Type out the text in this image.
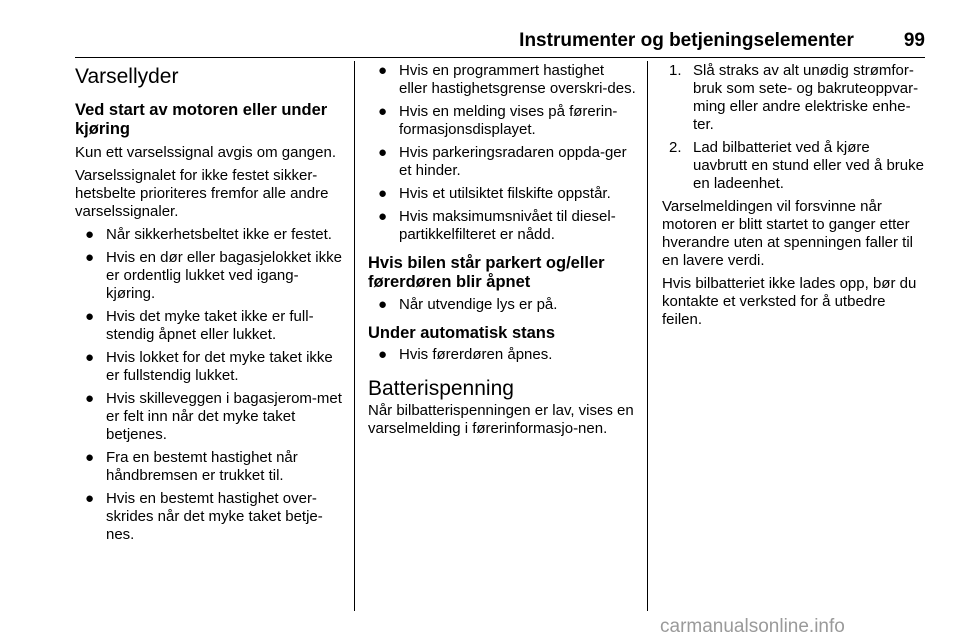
Instrumenter og betjeningselementer	99
Varsellyder
Ved start av motoren eller under kjøring

Kun ett varselssignal avgis om gangen.

Varselssignalet for ikke festet sikker-hetsbelte prioriteres fremfor alle andre varselssignaler.

● Når sikkerhetsbeltet ikke er festet.
● Hvis en dør eller bagasjelokket ikke er ordentlig lukket ved igang-kjøring.
● Hvis det myke taket ikke er full-stendig åpnet eller lukket.
● Hvis lokket for det myke taket ikke er fullstendig lukket.
● Hvis skilleveggen i bagasjerom-met er felt inn når det myke taket betjenes.
● Fra en bestemt hastighet når håndbremsen er trukket til.
● Hvis en bestemt hastighet over-skrides når det myke taket betje-nes.
● Hvis en programmert hastighet eller hastighetsgrense overskri-des.
● Hvis en melding vises på førerin-formasjonsdisplayet.
● Hvis parkeringsradaren oppda-ger et hinder.
● Hvis et utilsiktet filskifte oppstår.
● Hvis maksimumsnivået til diesel-partikkelfilteret er nådd.
Hvis bilen står parkert og/eller førerdøren blir åpnet
● Når utvendige lys er på.
Under automatisk stans
● Hvis førerdøren åpnes.
Batterispenning

Når bilbatterispenningen er lav, vises en varselmelding i førerinformasjo-nen.

1. Slå straks av alt unødig strømfor-bruk som sete- og bakruteoppvar-ming eller andre elektriske enhe-ter.
2. Lad bilbatteriet ved å kjøre uavbrutt en stund eller ved å bruke en ladeenhet.

Varselmeldingen vil forsvinne når motoren er blitt startet to ganger etter hverandre uten at spenningen faller til en lavere verdi.

Hvis bilbatteriet ikke lades opp, bør du kontakte et verksted for å utbedre feilen.

carmanualsonline.info
